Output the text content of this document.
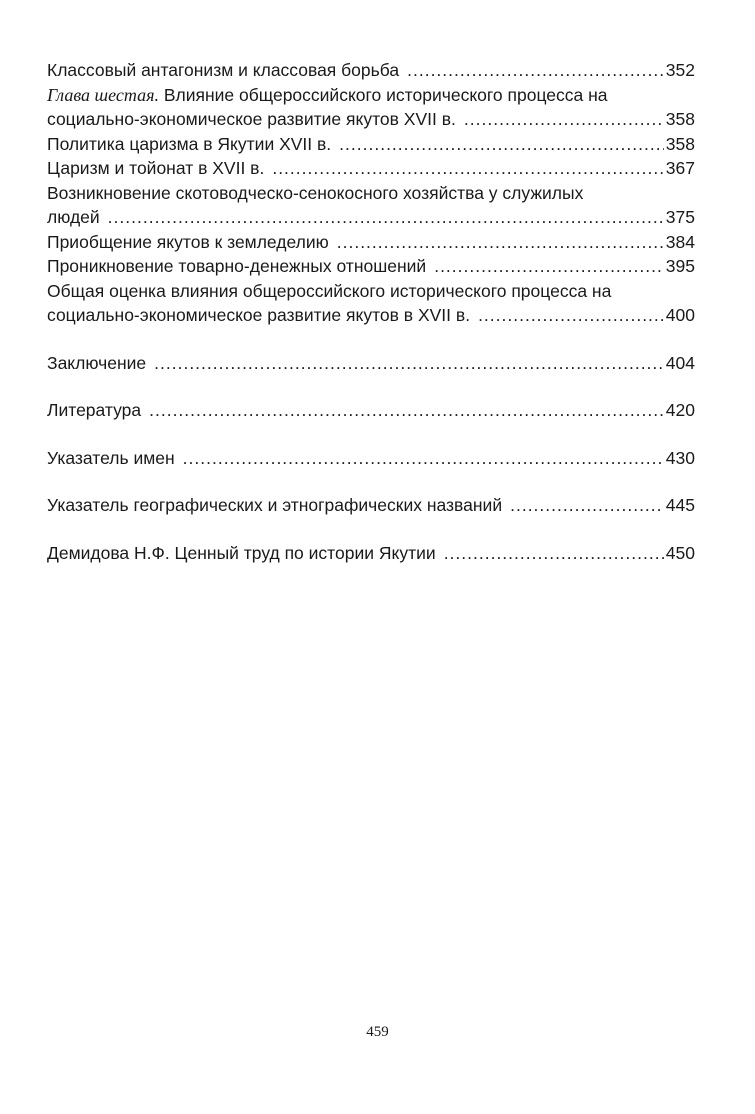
Классовый антагонизм и классовая борьба .....	352
Глава шестая. Влияние общероссийского исторического процесса на
социально-экономическое развитие якутов XVII в. .....	358
Политика царизма в Якутии XVII в. .....	358
Царизм и тойонат в XVII в. .....	367
Возникновение скотоводческо-сенокосного хозяйства у служилых
людей .....	375
Приобщение якутов к земледелию .....	384
Проникновение товарно-денежных отношений .....	395
Общая оценка влияния общероссийского исторического процесса на
социально-экономическое развитие якутов в XVII в. .....	400
Заключение .....	404
Литература .....	420
Указатель имен .....	430
Указатель географических и этнографических названий .....	445
Демидова Н.Ф. Ценный труд по истории Якутии .....	450
459
